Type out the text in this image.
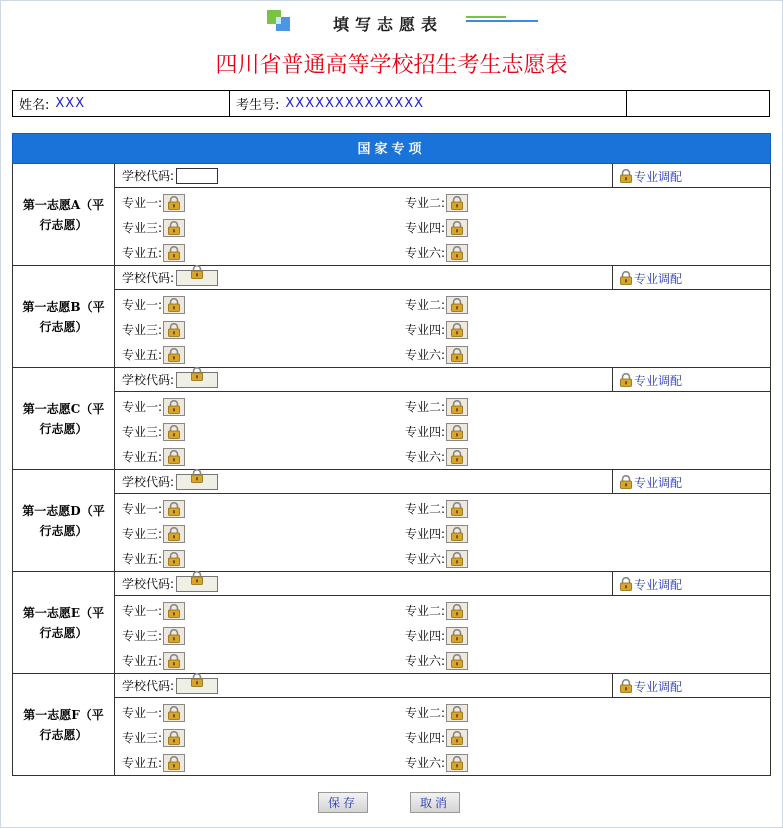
填写志愿表
四川省普通高等学校招生考生志愿表
姓名: XXX	考生号: XXXXXXXXXXXXXX
国家专项
第一志愿A（平行志愿）
学校代码:	专业调配
专业一:	专业二:
专业三:	专业四:
专业五:	专业六:
第一志愿B（平行志愿）
学校代码:	专业调配
专业一:	专业二:
专业三:	专业四:
专业五:	专业六:
第一志愿C（平行志愿）
学校代码:	专业调配
专业一:	专业二:
专业三:	专业四:
专业五:	专业六:
第一志愿D（平行志愿）
学校代码:	专业调配
专业一:	专业二:
专业三:	专业四:
专业五:	专业六:
第一志愿E（平行志愿）
学校代码:	专业调配
专业一:	专业二:
专业三:	专业四:
专业五:	专业六:
第一志愿F（平行志愿）
学校代码:	专业调配
专业一:	专业二:
专业三:	专业四:
专业五:	专业六:
保存	取消
